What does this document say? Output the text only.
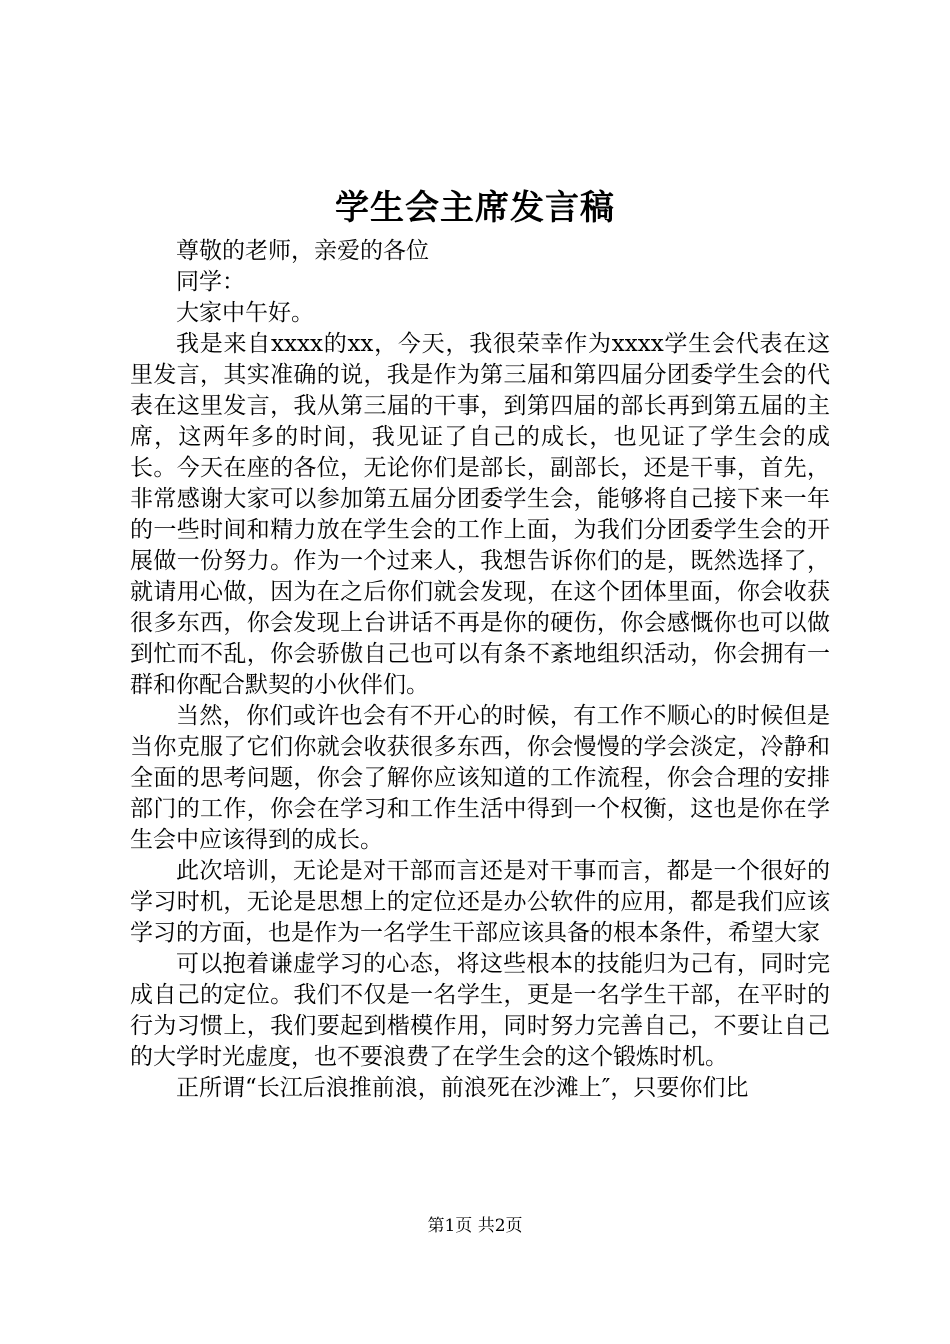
学生会主席发言稿

尊敬的老师，亲爱的各位

同学：

大家中午好。

我是来自xxxx的xx，今天，我很荣幸作为xxxx学生会代表在这里发言，其实准确的说，我是作为第三届和第四届分团委学生会的代表在这里发言，我从第三届的干事，到第四届的部长再到第五届的主席，这两年多的时间，我见证了自己的成长，也见证了学生会的成长。今天在座的各位，无论你们是部长，副部长，还是干事，首先，非常感谢大家可以参加第五届分团委学生会，能够将自己接下来一年的一些时间和精力放在学生会的工作上面，为我们分团委学生会的开展做一份努力。作为一个过来人，我想告诉你们的是，既然选择了，就请用心做，因为在之后你们就会发现，在这个团体里面，你会收获很多东西，你会发现上台讲话不再是你的硬伤，你会感慨你也可以做到忙而不乱，你会骄傲自己也可以有条不紊地组织活动，你会拥有一群和你配合默契的小伙伴们。

当然，你们或许也会有不开心的时候，有工作不顺心的时候但是当你克服了它们你就会收获很多东西，你会慢慢的学会淡定，冷静和全面的思考问题，你会了解你应该知道的工作流程，你会合理的安排部门的工作，你会在学习和工作生活中得到一个权衡，这也是你在学生会中应该得到的成长。

此次培训，无论是对干部而言还是对干事而言，都是一个很好的学习时机，无论是思想上的定位还是办公软件的应用，都是我们应该学习的方面，也是作为一名学生干部应该具备的根本条件，希望大家

可以抱着谦虚学习的心态，将这些根本的技能归为己有，同时完成自己的定位。我们不仅是一名学生，更是一名学生干部，在平时的行为习惯上，我们要起到楷模作用，同时努力完善自己，不要让自己的大学时光虚度，也不要浪费了在学生会的这个锻炼时机。

正所谓“长江后浪推前浪，前浪死在沙滩上″，只要你们比

第1页 共2页
